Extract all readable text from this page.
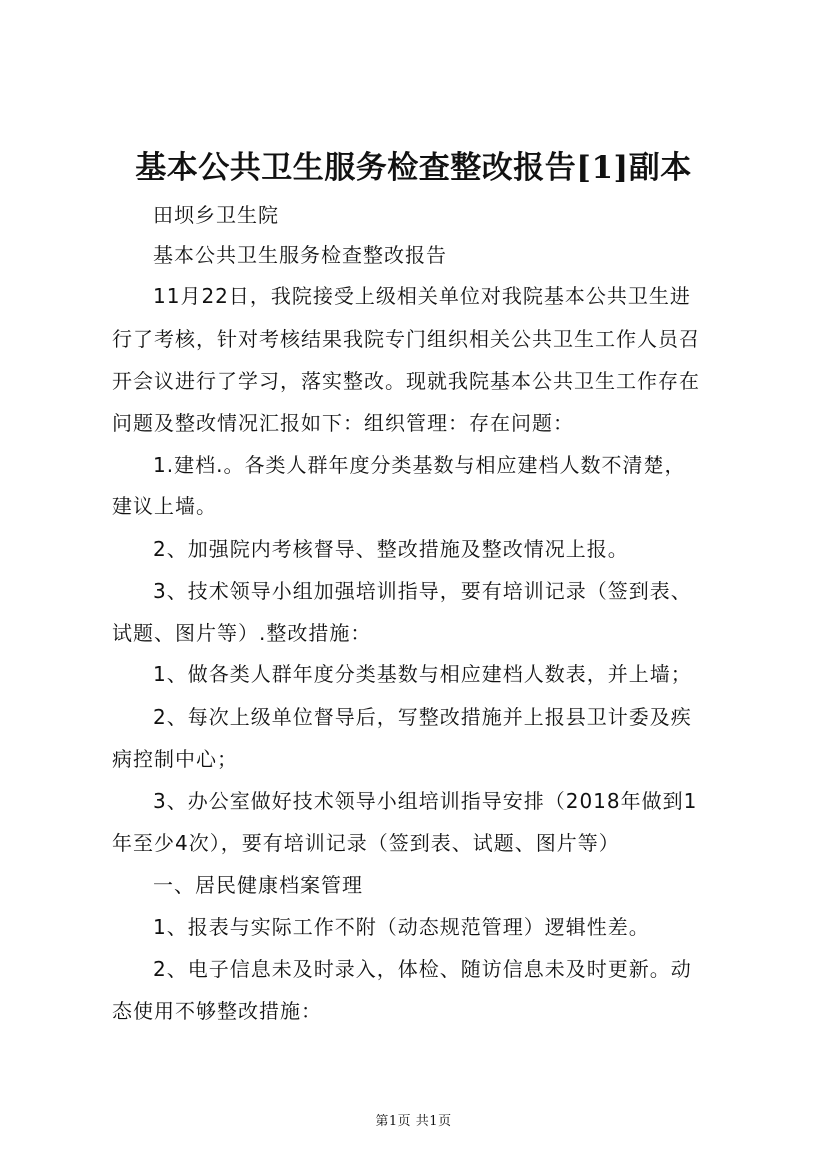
基本公共卫生服务检查整改报告[1]副本
田坝乡卫生院
基本公共卫生服务检查整改报告
11月22日，我院接受上级相关单位对我院基本公共卫生进
行了考核，针对考核结果我院专门组织相关公共卫生工作人员召
开会议进行了学习，落实整改。现就我院基本公共卫生工作存在
问题及整改情况汇报如下：组织管理：存在问题：
1.建档.。各类人群年度分类基数与相应建档人数不清楚，
建议上墙。
2、加强院内考核督导、整改措施及整改情况上报。
3、技术领导小组加强培训指导，要有培训记录（签到表、
试题、图片等）.整改措施：
1、做各类人群年度分类基数与相应建档人数表，并上墙；
2、每次上级单位督导后，写整改措施并上报县卫计委及疾
病控制中心；
3、办公室做好技术领导小组培训指导安排（2018年做到1
年至少4次），要有培训记录（签到表、试题、图片等）
一、居民健康档案管理
1、报表与实际工作不附（动态规范管理）逻辑性差。
2、电子信息未及时录入，体检、随访信息未及时更新。动
态使用不够整改措施：
第1页 共1页
